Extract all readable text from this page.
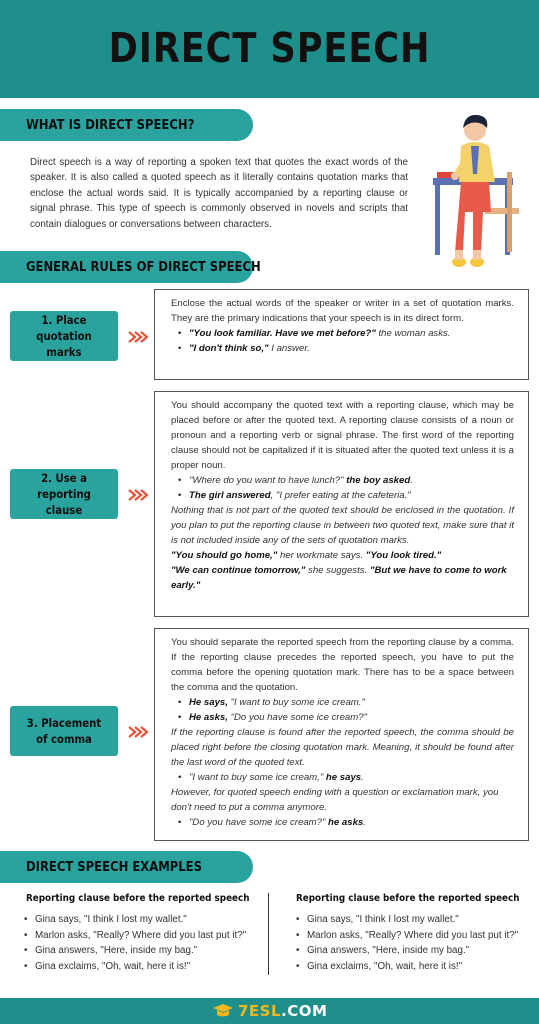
DIRECT SPEECH
WHAT IS DIRECT SPEECH?

Direct speech is a way of reporting a spoken text that quotes the exact words of the speaker. It is also called a quoted speech as it literally contains quotation marks that enclose the actual words said. It is typically accompanied by a reporting clause or signal phrase. This type of speech is commonly observed in novels and scripts that contain dialogues or conversations between characters.

GENERAL RULES OF DIRECT SPEECH
1. Place quotation marks

Enclose the actual words of the speaker or writer in a set of quotation marks. They are the primary indications that your speech is in its direct form.

• "You look familiar. Have we met before?" the woman asks.
• "I don't think so," I answer.
2. Use a reporting clause

You should accompany the quoted text with a reporting clause, which may be placed before or after the quoted text. A reporting clause consists of a noun or pronoun and a reporting verb or signal phrase. The first word of the reporting clause should not be capitalized if it is situated after the quoted text unless it is a proper noun.

• "Where do you want to have lunch?" the boy asked.
• The girl answered, "I prefer eating at the cafeteria."

Nothing that is not part of the quoted text should be enclosed in the quotation. If you plan to put the reporting clause in between two quoted text, make sure that it is not included inside any of the sets of quotation marks.

"You should go home," her workmate says. "You look tired."

"We can continue tomorrow," she suggests. "But we have to come to work early."

3. Placement of comma

You should separate the reported speech from the reporting clause by a comma. If the reporting clause precedes the reported speech, you have to put the comma before the opening quotation mark. There has to be a space between the comma and the quotation.

• He says, "I want to buy some ice cream."
• He asks, "Do you have some ice cream?"

If the reporting clause is found after the reported speech, the comma should be placed right before the closing quotation mark. Meaning, it should be found after the last word of the quoted text.

• "I want to buy some ice cream," he says.

However, for quoted speech ending with a question or exclamation mark, you don't need to put a comma anymore.

• "Do you have some ice cream?" he asks.
DIRECT SPEECH EXAMPLES
Reporting clause before the reported speech
• Gina says, "I think I lost my wallet."
• Marlon asks, "Really? Where did you last put it?"
• Gina answers, "Here, inside my bag."
• Gina exclaims, "Oh, wait, here it is!"
Reporting clause before the reported speech
• Gina says, "I think I lost my wallet."
• Marlon asks, "Really? Where did you last put it?"
• Gina answers, "Here, inside my bag."
• Gina exclaims, "Oh, wait, here it is!"
7ESL.COM
